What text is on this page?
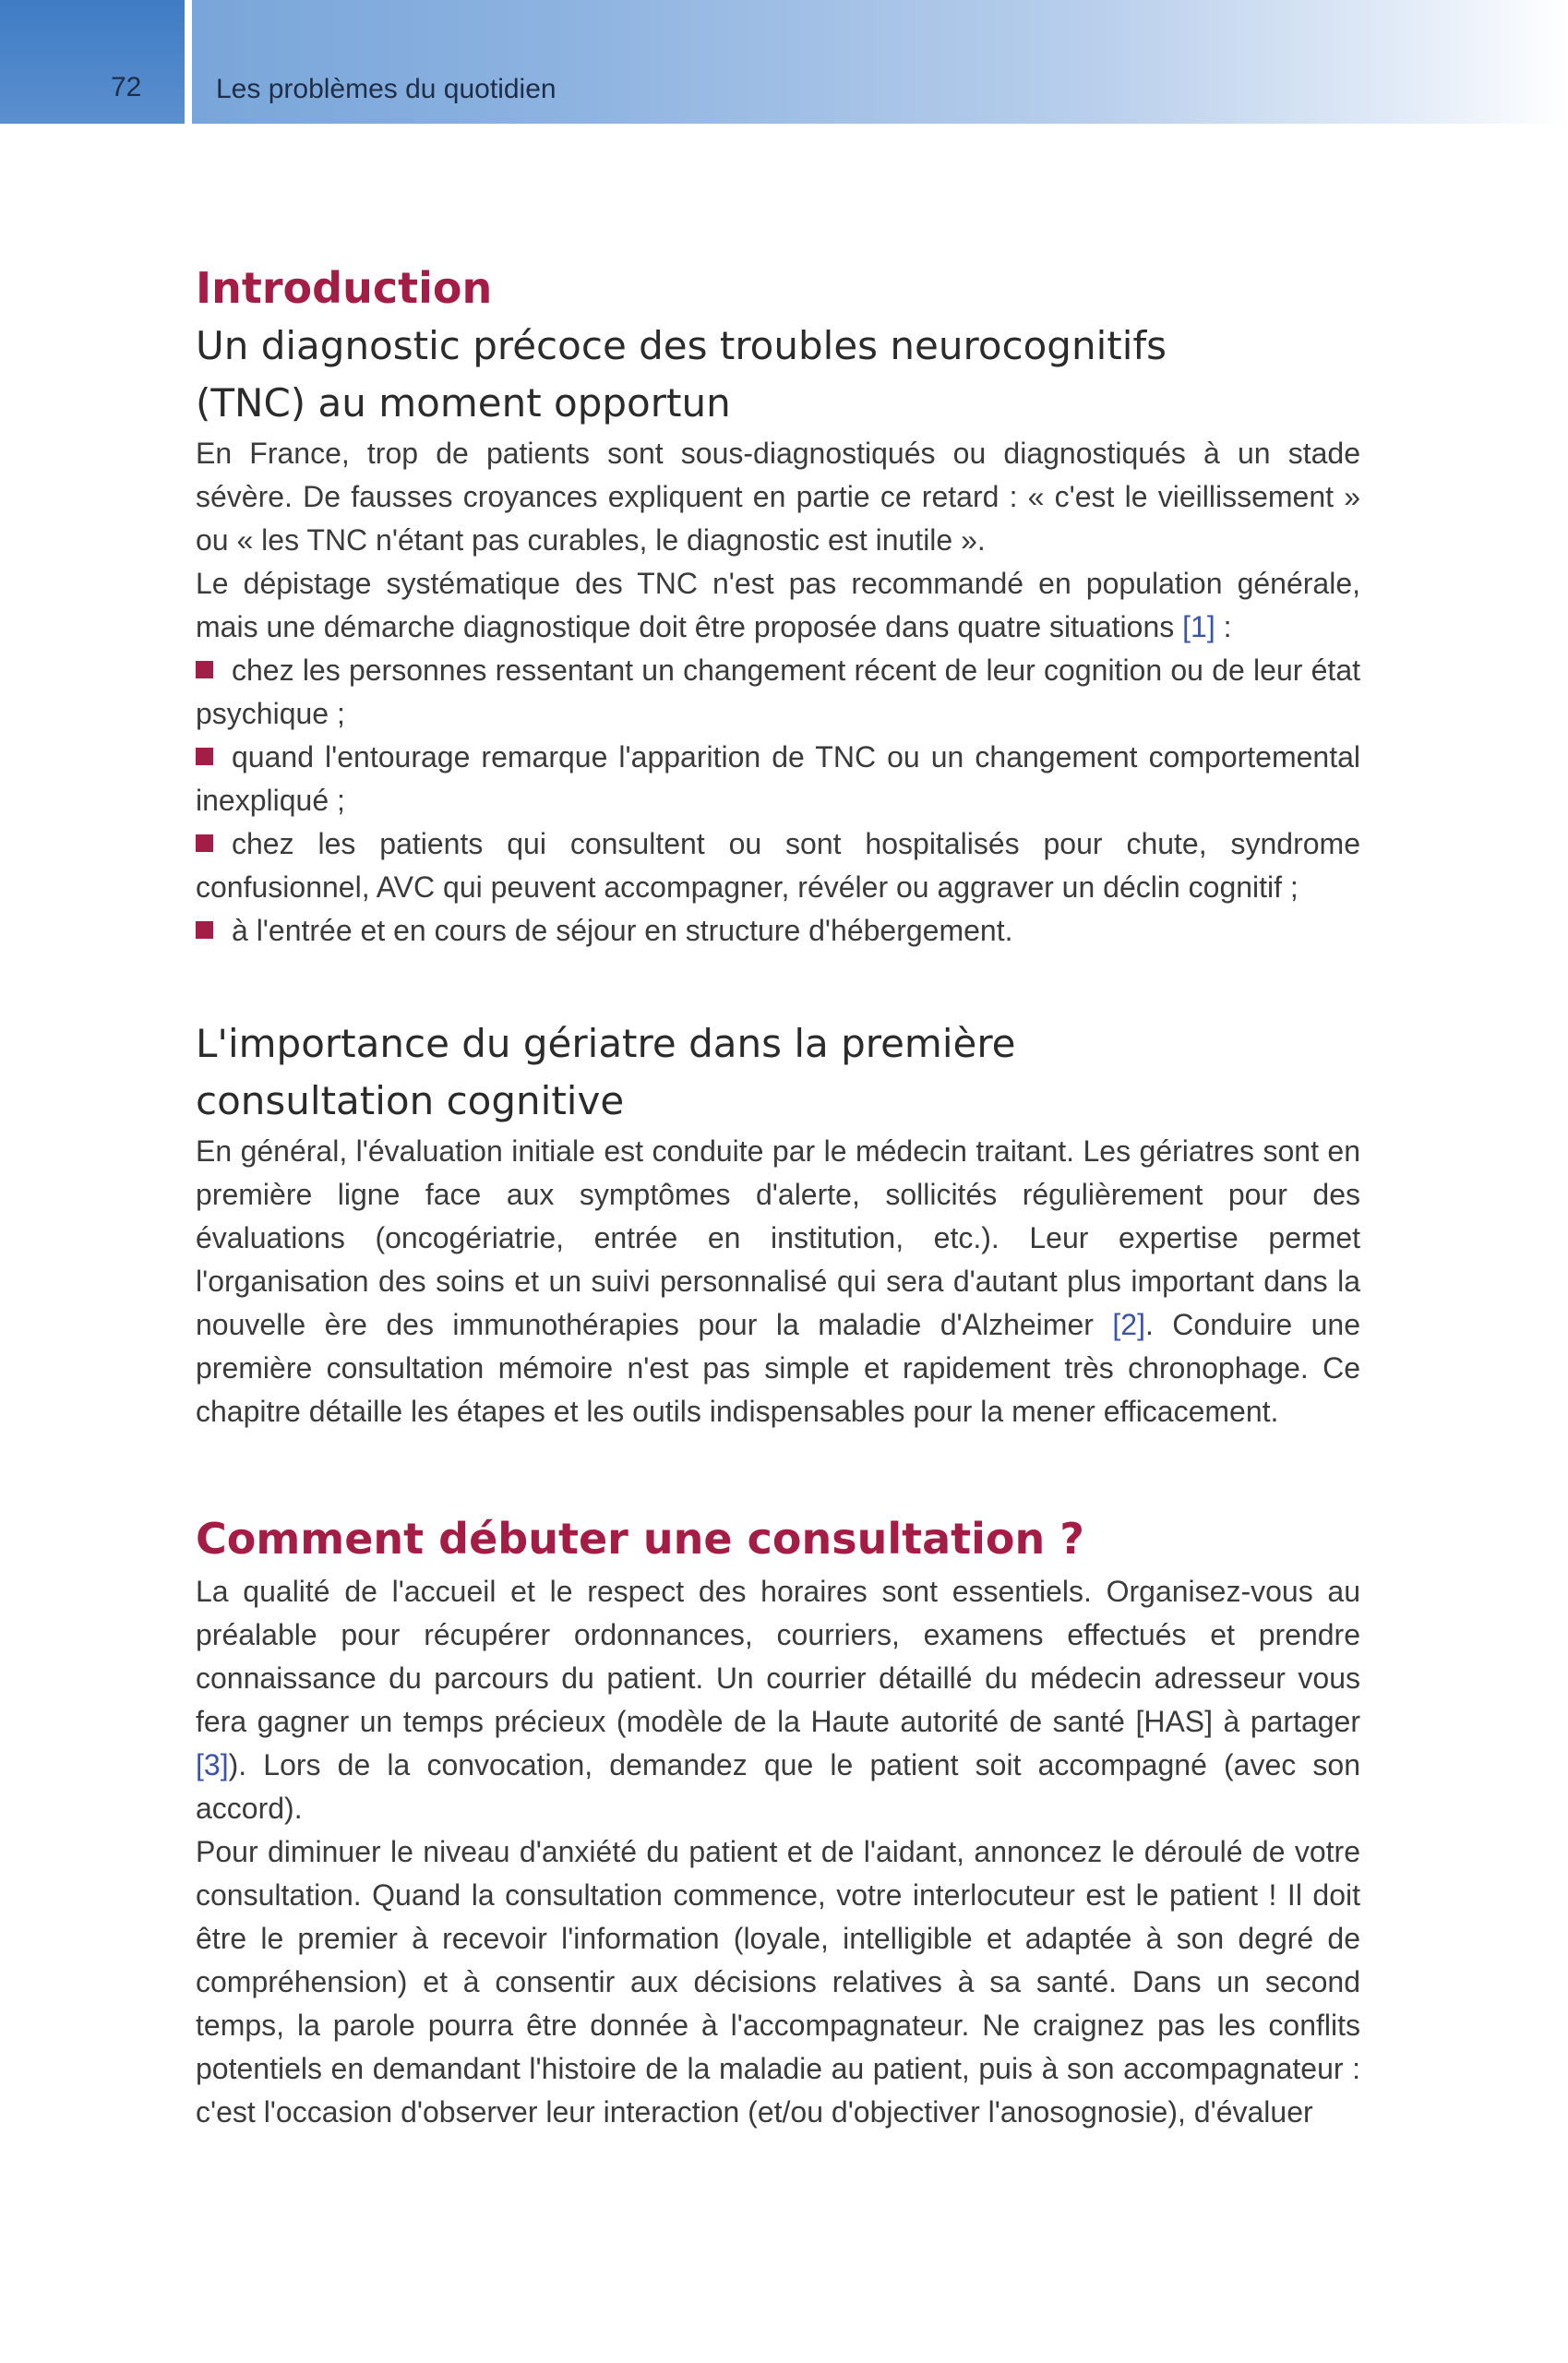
72	Les problèmes du quotidien
Introduction
Un diagnostic précoce des troubles neurocognitifs (TNC) au moment opportun

En France, trop de patients sont sous-diagnostiqués ou diagnostiqués à un stade sévère. De fausses croyances expliquent en partie ce retard : « c'est le vieillissement » ou « les TNC n'étant pas curables, le diagnostic est inutile ».

Le dépistage systématique des TNC n'est pas recommandé en population générale, mais une démarche diagnostique doit être proposée dans quatre situations [1] :

chez les personnes ressentant un changement récent de leur cognition ou de leur état psychique ;
quand l'entourage remarque l'apparition de TNC ou un changement comportemental inexpliqué ;
chez les patients qui consultent ou sont hospitalisés pour chute, syndrome confusionnel, AVC qui peuvent accompagner, révéler ou aggraver un déclin cognitif ;
à l'entrée et en cours de séjour en structure d'hébergement.
L'importance du gériatre dans la première consultation cognitive

En général, l'évaluation initiale est conduite par le médecin traitant. Les gériatres sont en première ligne face aux symptômes d'alerte, sollicités régulièrement pour des évaluations (oncogériatrie, entrée en institution, etc.). Leur expertise permet l'organisation des soins et un suivi personnalisé qui sera d'autant plus important dans la nouvelle ère des immunothérapies pour la maladie d'Alzheimer [2]. Conduire une première consultation mémoire n'est pas simple et rapidement très chronophage. Ce chapitre détaille les étapes et les outils indispensables pour la mener efficacement.

Comment débuter une consultation ?

La qualité de l'accueil et le respect des horaires sont essentiels. Organisez-vous au préalable pour récupérer ordonnances, courriers, examens effectués et prendre connaissance du parcours du patient. Un courrier détaillé du médecin adresseur vous fera gagner un temps précieux (modèle de la Haute autorité de santé [HAS] à partager [3]). Lors de la convocation, demandez que le patient soit accompagné (avec son accord).

Pour diminuer le niveau d'anxiété du patient et de l'aidant, annoncez le déroulé de votre consultation. Quand la consultation commence, votre interlocuteur est le patient ! Il doit être le premier à recevoir l'information (loyale, intelligible et adaptée à son degré de compréhension) et à consentir aux décisions relatives à sa santé. Dans un second temps, la parole pourra être donnée à l'accompagnateur. Ne craignez pas les conflits potentiels en demandant l'histoire de la maladie au patient, puis à son accompagnateur : c'est l'occasion d'observer leur interaction (et/ou d'objectiver l'anosognosie), d'évaluer
